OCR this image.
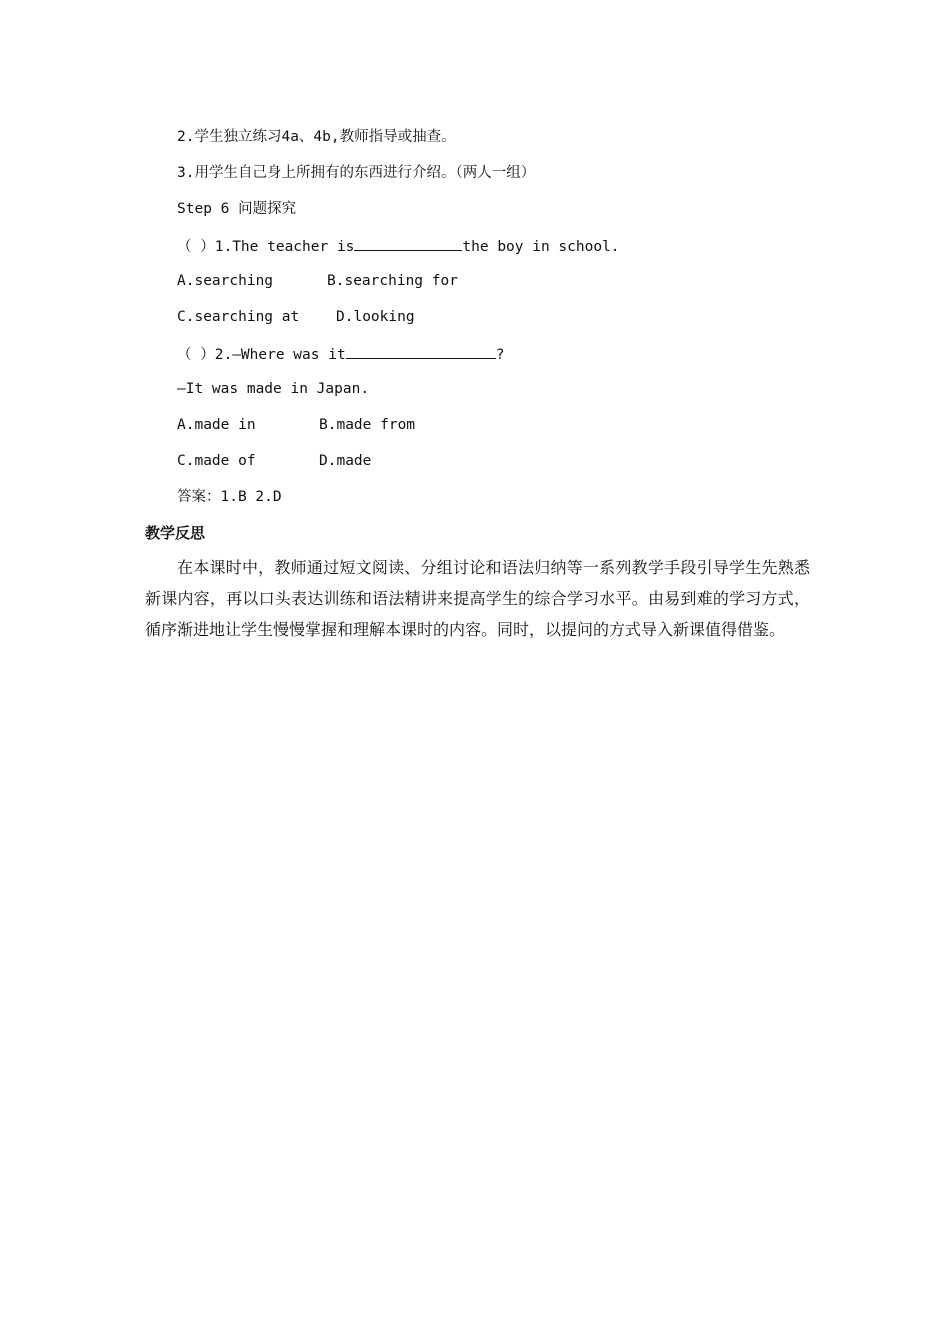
2.学生独立练习4a、4b,教师指导或抽查。
3.用学生自己身上所拥有的东西进行介绍。（两人一组）
Step 6 问题探究
（ ）1.The teacher is	the boy in school.
A.searching	B.searching for
C.searching at	D.looking
（ ）2.—Where was it	?
—It was made in Japan.
A.made in	B.made from
C.made of	D.made
答案：1.B 2.D
教学反思
在本课时中，教师通过短文阅读、分组讨论和语法归纳等一系列教学手段引导学生先熟悉新课内容，再以口头表达训练和语法精讲来提高学生的综合学习水平。由易到难的学习方式，循序渐进地让学生慢慢掌握和理解本课时的内容。同时，以提问的方式导入新课值得借鉴。
